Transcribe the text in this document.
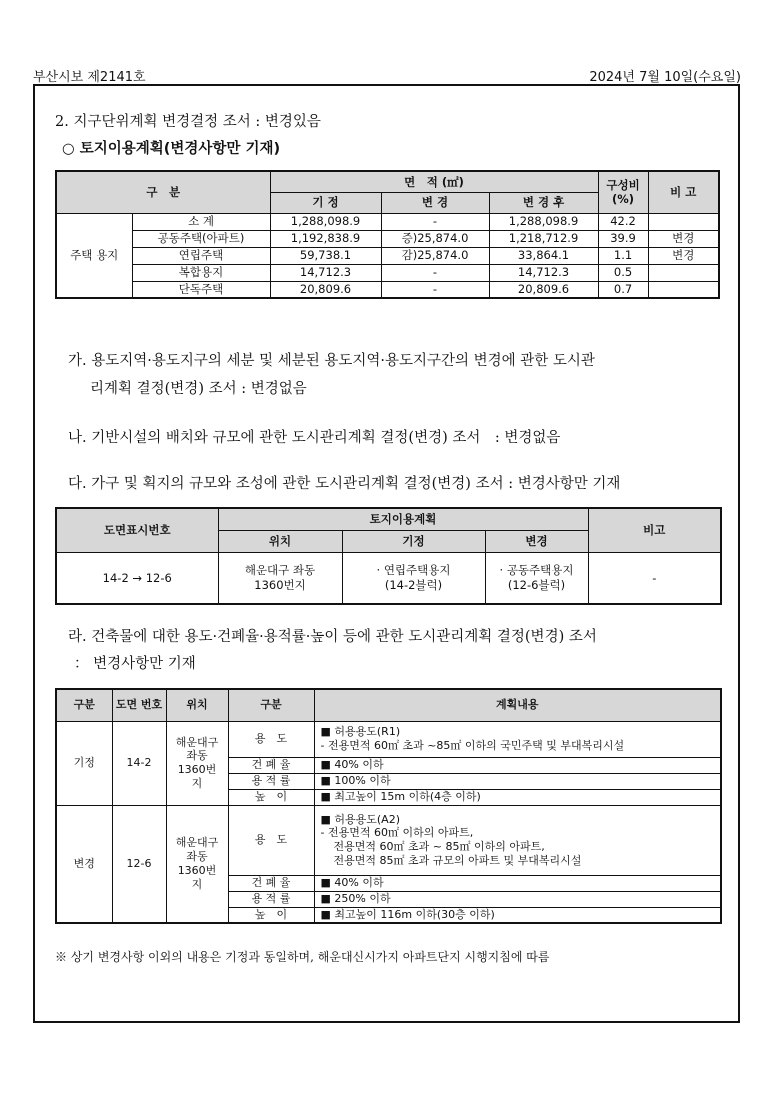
부산시보 제2141호	2024년 7월 10일(수요일)
2. 지구단위계획 변경결정 조서 : 변경있음
○ 토지이용계획(변경사항만 기재)
구　분		면　적 (㎡)			구성비 (%)	비 고
		기 정	변 경	변 경 후		
주택 용지	소 계	1,288,098.9	-	1,288,098.9	42.2	
	공동주택(아파트)	1,192,838.9	증)25,874.0	1,218,712.9	39.9	변경
	연립주택	59,738.1	감)25,874.0	33,864.1	1.1	변경
	복합용지	14,712.3	-	14,712.3	0.5	
	단독주택	20,809.6	-	20,809.6	0.7	
가. 용도지역·용도지구의 세분 및 세분된 용도지역·용도지구간의 변경에 관한 도시관
리계획 결정(변경) 조서 : 변경없음
나. 기반시설의 배치와 규모에 관한 도시관리계획 결정(변경) 조서　: 변경없음
다. 가구 및 획지의 규모와 조성에 관한 도시관리계획 결정(변경) 조서 : 변경사항만 기재
도면표시번호	토지이용계획			비고
	위치	기정	변경	
14-2 → 12-6	해운대구 좌동 1360번지	· 연립주택용지 (14-2블럭)	· 공동주택용지 (12-6블럭)	-
라. 건축물에 대한 용도·건폐율·용적률·높이 등에 관한 도시관리계획 결정(변경) 조서
： 변경사항만 기재
구분	도면 번호	위치	구분	계획내용
기정	14-2	해운대구 좌동 1360번지	용　도	■ 허용용도(R1)
- 전용면적 60㎡ 초과 ~85㎡ 이하의 국민주택 및 부대복리시설

			건 폐 율	■ 40% 이하
			용 적 률	■ 100% 이하
			높　이	■ 최고높이 15m 이하(4층 이하)
변경	12-6	해운대구 좌동 1360번지	용　도	■ 허용용도(A2)
- 전용면적 60㎡ 이하의 아파트,
전용면적 60㎡ 초과 ~ 85㎡ 이하의 아파트,
전용면적 85㎡ 초과 규모의 아파트 및 부대복리시설

			건 폐 율	■ 40% 이하
			용 적 률	■ 250% 이하
			높　이	■ 최고높이 116m 이하(30층 이하)
※ 상기 변경사항 이외의 내용은 기정과 동일하며, 해운대신시가지 아파트단지 시행지침에 따름
